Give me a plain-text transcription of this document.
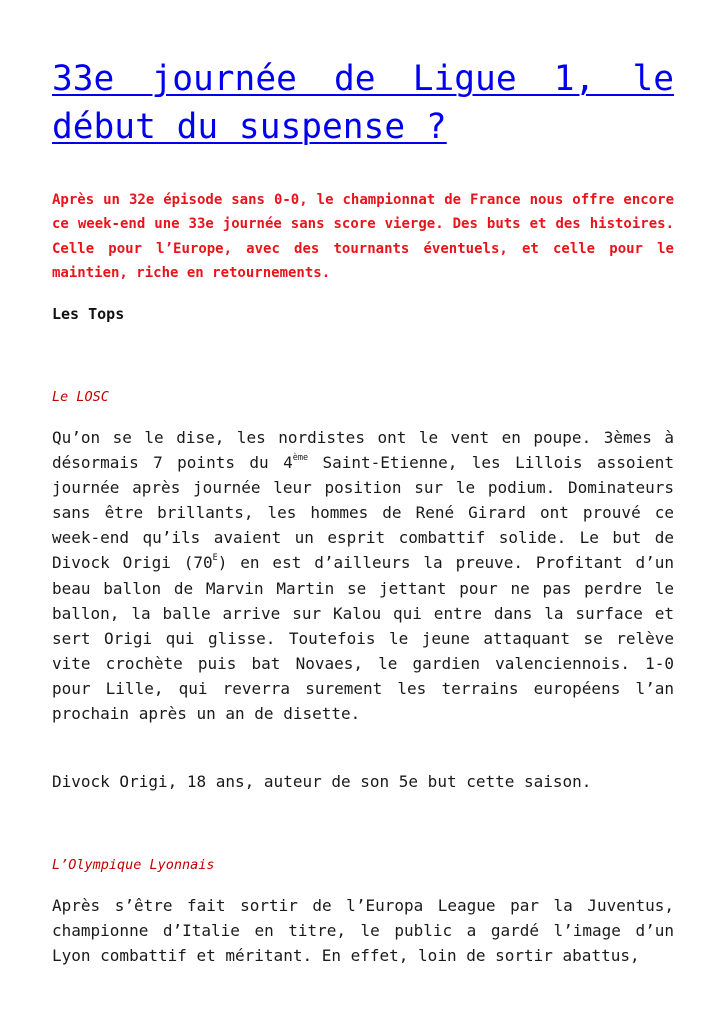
33e journée de Ligue 1, le début du suspense ?

Après un 32e épisode sans 0-0, le championnat de France nous offre encore ce week-end une 33e journée sans score vierge. Des buts et des histoires. Celle pour l’Europe, avec des tournants éventuels, et celle pour le maintien, riche en retournements.

Les Tops

Le LOSC

Qu’on se le dise, les nordistes ont le vent en poupe. 3èmes à désormais 7 points du 4ème Saint-Etienne, les Lillois assoient journée après journée leur position sur le podium. Dominateurs sans être brillants, les hommes de René Girard ont prouvé ce week-end qu’ils avaient un esprit combattif solide. Le but de Divock Origi $(70^E)$ en est d’ailleurs la preuve. Profitant d’un beau ballon de Marvin Martin se jettant pour ne pas perdre le ballon, la balle arrive sur Kalou qui entre dans la surface et sert Origi qui glisse. Toutefois le jeune attaquant se relève vite crochète puis bat Novaes, le gardien valenciennois. 1-0 pour Lille, qui reverra surement les terrains européens l’an prochain après un an de disette.

Divock Origi, 18 ans, auteur de son 5e but cette saison.

L’Olympique Lyonnais

Après s’être fait sortir de l’Europa League par la Juventus, championne d’Italie en titre, le public a gardé l’image d’un Lyon combattif et méritant. En effet, loin de sortir abattus,
